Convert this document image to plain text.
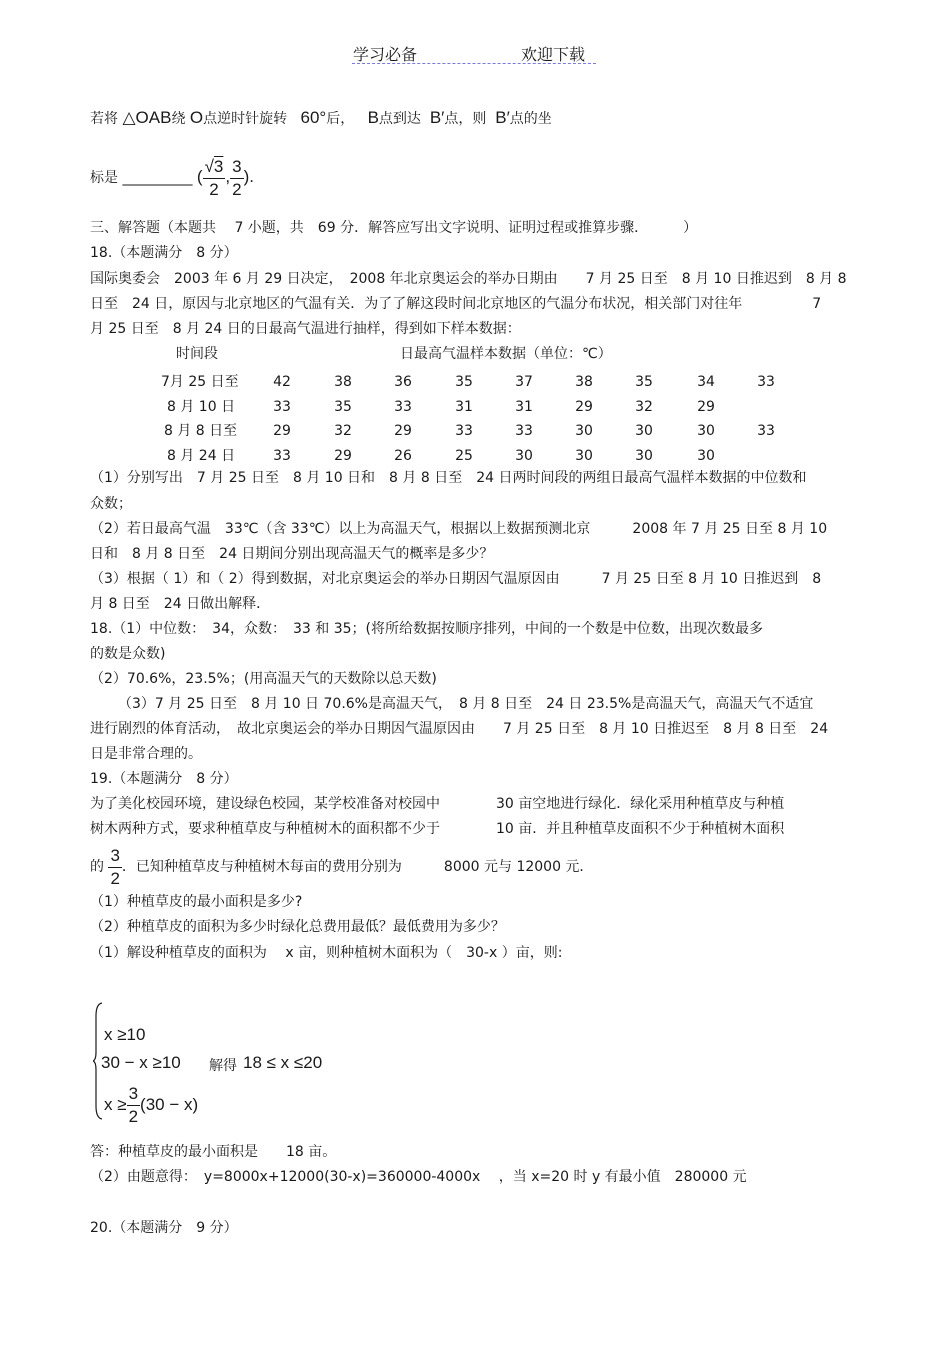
学习必备	欢迎下载
若将 △OAB绕 O点逆时针旋转 60°后， B点到达 B′点，则 B′点的坐
标是 __________ ( $\frac{√3}{2}$ , $\frac{3}{2}$ ).
三、解答题（本题共　 7 小题，共　69 分．解答应写出文字说明、证明过程或推算步骤．　　　）
18.（本题满分　8 分）
国际奥委会　2003 年 6 月 29 日决定，　2008 年北京奥运会的举办日期由　　7 月 25 日至　8 月 10 日推迟到　8 月 8
日至　24 日，原因与北京地区的气温有关．为了了解这段时间北京地区的气温分布状况，相关部门对往年　　　　　7
月 25 日至　8 月 24 日的日最高气温进行抽样，得到如下样本数据：
时间段	日最高气温样本数据（单位：℃）
7月 25 日至	42	38	36	35	37	38	35	34	33
8 月 10 日	33	35	33	31	31	29	32	29
8 月 8 日至	29	32	29	33	33	30	30	30	33
8 月 24 日	33	29	26	25	30	30	30	30
（1）分别写出　7 月 25 日至　8 月 10 日和　8 月 8 日至　24 日两时间段的两组日最高气温样本数据的中位数和
众数；
（2）若日最高气温　33℃（含 33℃）以上为高温天气，根据以上数据预测北京　　　2008 年 7 月 25 日至 8 月 10
日和　8 月 8 日至　24 日期间分别出现高温天气的概率是多少？
（3）根据（ 1）和（ 2）得到数据，对北京奥运会的举办日期因气温原因由　　　7 月 25 日至 8 月 10 日推迟到　8
月 8 日至　24 日做出解释．
18.（1）中位数：　34，众数：　33 和 35；(将所给数据按顺序排列，中间的一个数是中位数，出现次数最多
的数是众数)
（2）70.6%，23.5%；(用高温天气的天数除以总天数)
（3）7 月 25 日至　8 月 10 日 70.6%是高温天气，　8 月 8 日至　24 日 23.5%是高温天气，高温天气不适宜
进行剧烈的体育活动，　故北京奥运会的举办日期因气温原因由　　7 月 25 日至　8 月 10 日推迟至　8 月 8 日至　24
日是非常合理的。
19.（本题满分　8 分）
为了美化校园环境，建设绿色校园，某学校准备对校园中　　　　30 亩空地进行绿化．绿化采用种植草皮与种植
树木两种方式，要求种植草皮与种植树木的面积都不少于　　　　10 亩．并且种植草皮面积不少于种植树木面积
的 $\frac{3}{2}$ ．已知种植草皮与种植树木每亩的费用分别为　　　8000 元与 12000 元．
（1）种植草皮的最小面积是多少?
（2）种植草皮的面积为多少时绿化总费用最低？最低费用为多少？
（1）解设种植草皮的面积为　 x 亩，则种植树木面积为（　30-x ）亩，则:
x ≥10
30 − x ≥10
$x \ge \frac{3}{2} (30 - x)$
解得 18 ≤ x ≤20
答：种植草皮的最小面积是　　18 亩。
（2）由题意得：　y=8000x+12000(30-x)=360000-4000x　 ，当 x=20 时 y 有最小值　280000 元
20.（本题满分　9 分）
